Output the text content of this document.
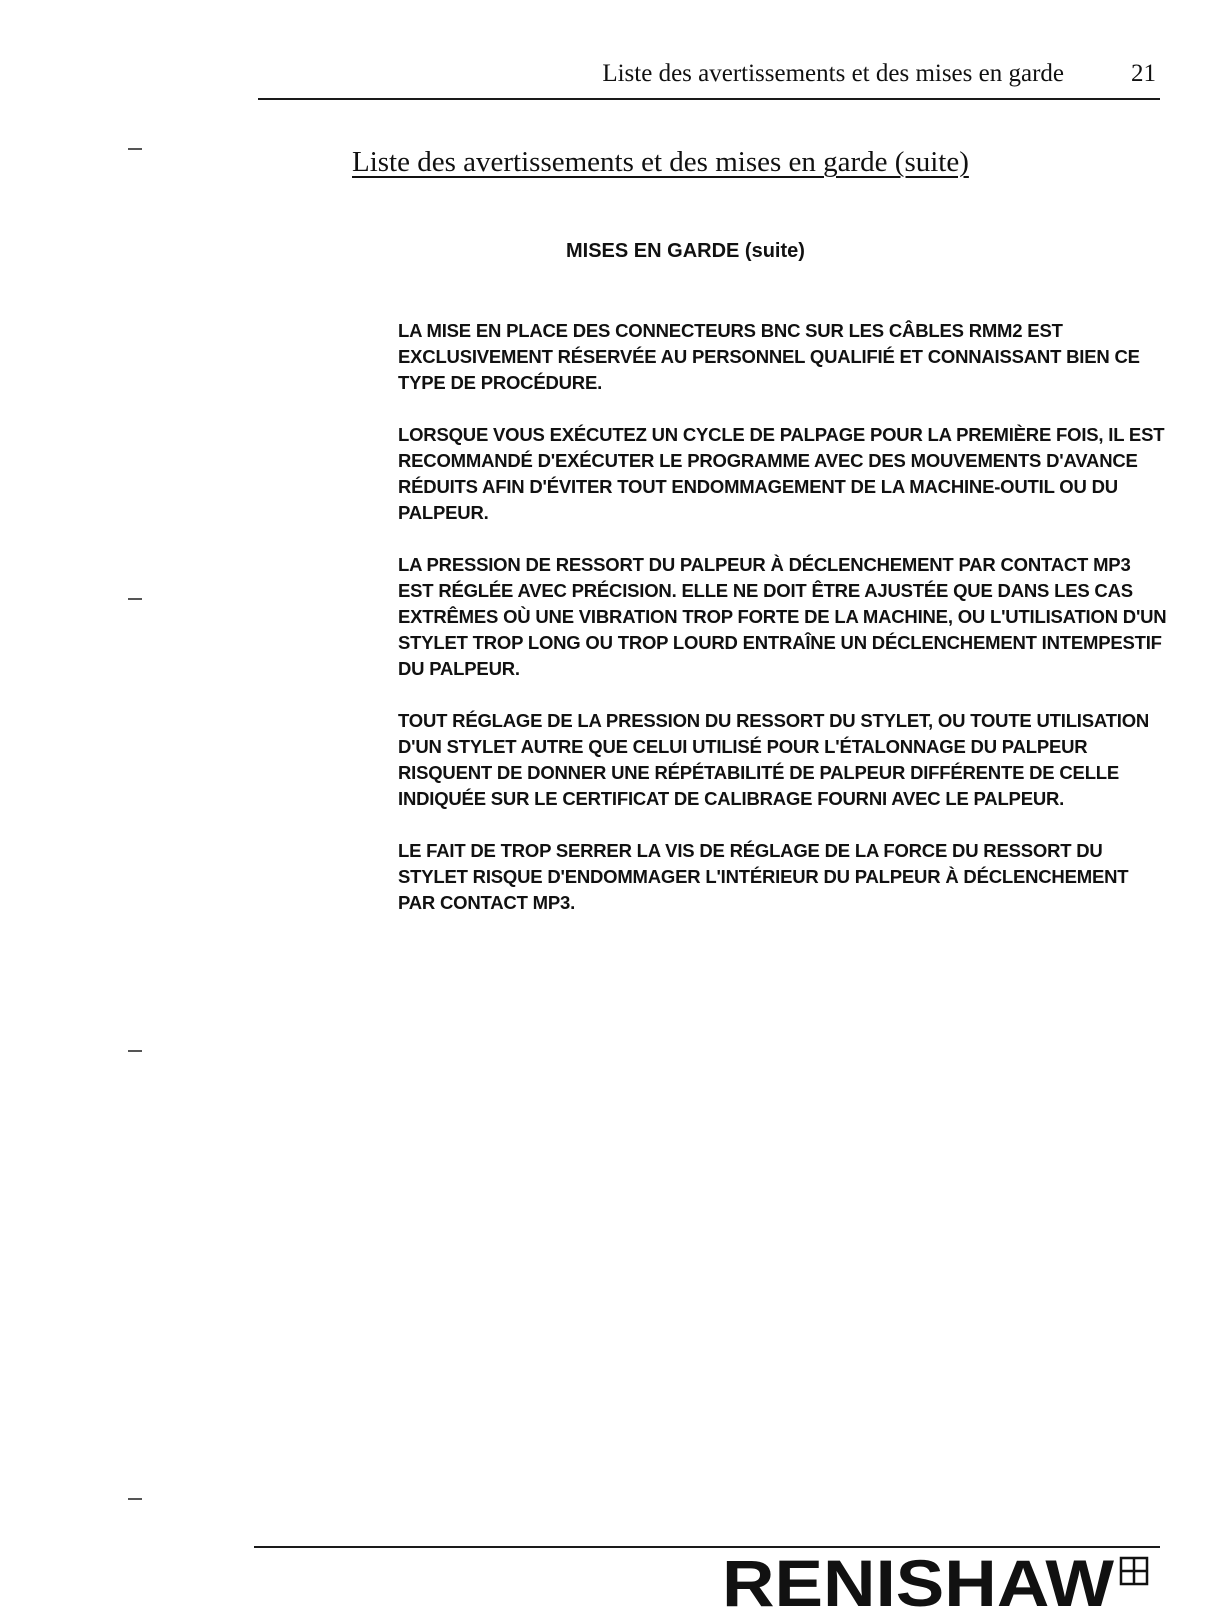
Liste des avertissements et des mises en garde	21
Liste des avertissements et des mises en garde (suite)
MISES EN GARDE (suite)

LA MISE EN PLACE DES CONNECTEURS BNC SUR LES CÂBLES RMM2 EST EXCLUSIVEMENT RÉSERVÉE AU PERSONNEL QUALIFIÉ ET CONNAISSANT BIEN CE TYPE DE PROCÉDURE.

LORSQUE VOUS EXÉCUTEZ UN CYCLE DE PALPAGE POUR LA PREMIÈRE FOIS, IL EST RECOMMANDÉ D'EXÉCUTER LE PROGRAMME AVEC DES MOUVEMENTS D'AVANCE RÉDUITS AFIN D'ÉVITER TOUT ENDOMMAGEMENT DE LA MACHINE-OUTIL OU DU PALPEUR.

LA PRESSION DE RESSORT DU PALPEUR À DÉCLENCHEMENT PAR CONTACT MP3 EST RÉGLÉE AVEC PRÉCISION. ELLE NE DOIT ÊTRE AJUSTÉE QUE DANS LES CAS EXTRÊMES OÙ UNE VIBRATION TROP FORTE DE LA MACHINE, OU L'UTILISATION D'UN STYLET TROP LONG OU TROP LOURD ENTRAÎNE UN DÉCLENCHEMENT INTEMPESTIF DU PALPEUR.

TOUT RÉGLAGE DE LA PRESSION DU RESSORT DU STYLET, OU TOUTE UTILISATION D'UN STYLET AUTRE QUE CELUI UTILISÉ POUR L'ÉTALONNAGE DU PALPEUR RISQUENT DE DONNER UNE RÉPÉTABILITÉ DE PALPEUR DIFFÉRENTE DE CELLE INDIQUÉE SUR LE CERTIFICAT DE CALIBRAGE FOURNI AVEC LE PALPEUR.

LE FAIT DE TROP SERRER LA VIS DE RÉGLAGE DE LA FORCE DU RESSORT DU STYLET RISQUE D'ENDOMMAGER L'INTÉRIEUR DU PALPEUR À DÉCLENCHEMENT PAR CONTACT MP3.

RENISHAW
